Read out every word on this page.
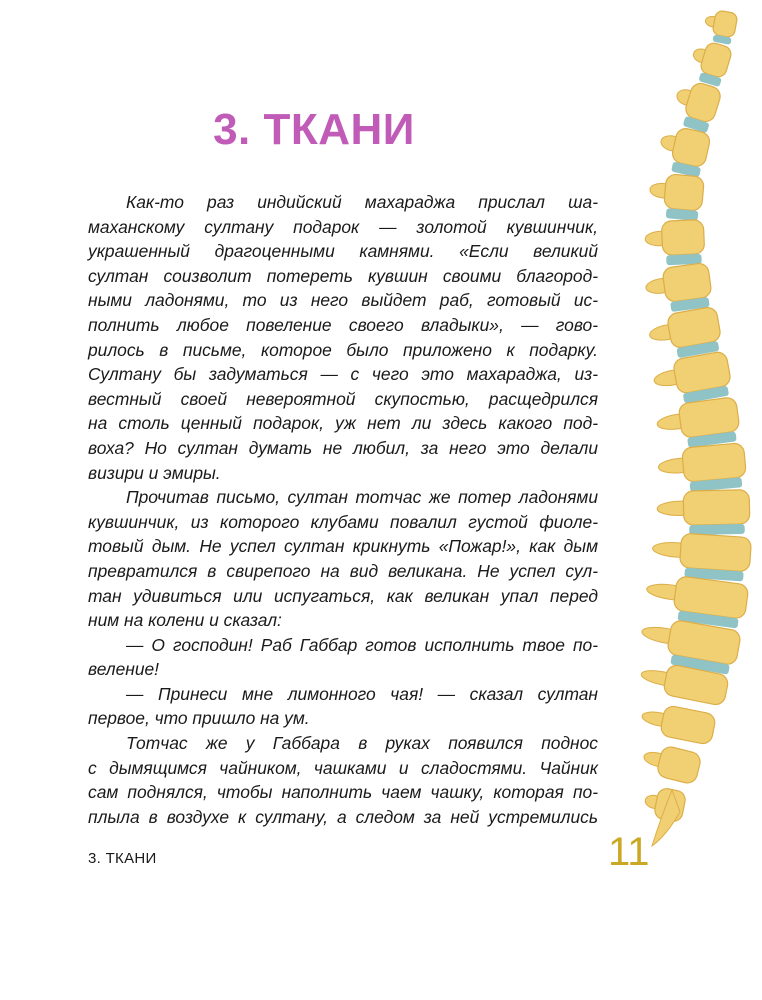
3. ТКАНИ
Как-то раз индийский махараджа прислал ша-
маханскому султану подарок — золотой кувшинчик,
украшенный драгоценными камнями. «Если великий
султан соизволит потереть кувшин своими благород-
ными ладонями, то из него выйдет раб, готовый ис-
полнить любое повеление своего владыки», — гово-
рилось в письме, которое было приложено к подарку.
Султану бы задуматься — с чего это махараджа, из-
вестный своей невероятной скупостью, расщедрился
на столь ценный подарок, уж нет ли здесь какого под-
воха? Но султан думать не любил, за него это делали
визири и эмиры.
Прочитав письмо, султан тотчас же потер ладонями
кувшинчик, из которого клубами повалил густой фиоле-
товый дым. Не успел султан крикнуть «Пожар!», как дым
превратился в свирепого на вид великана. Не успел сул-
тан удивиться или испугаться, как великан упал перед
ним на колени и сказал:
— О господин! Раб Габбар готов исполнить твое по-
веление!
— Принеси мне лимонного чая! — сказал султан
первое, что пришло на ум.
Тотчас же у Габбара в руках появился поднос
с дымящимся чайником, чашками и сладостями. Чайник
сам поднялся, чтобы наполнить чаем чашку, которая по-
плыла в воздухе к султану, а следом за ней устремились
3. ТКАНИ	11
